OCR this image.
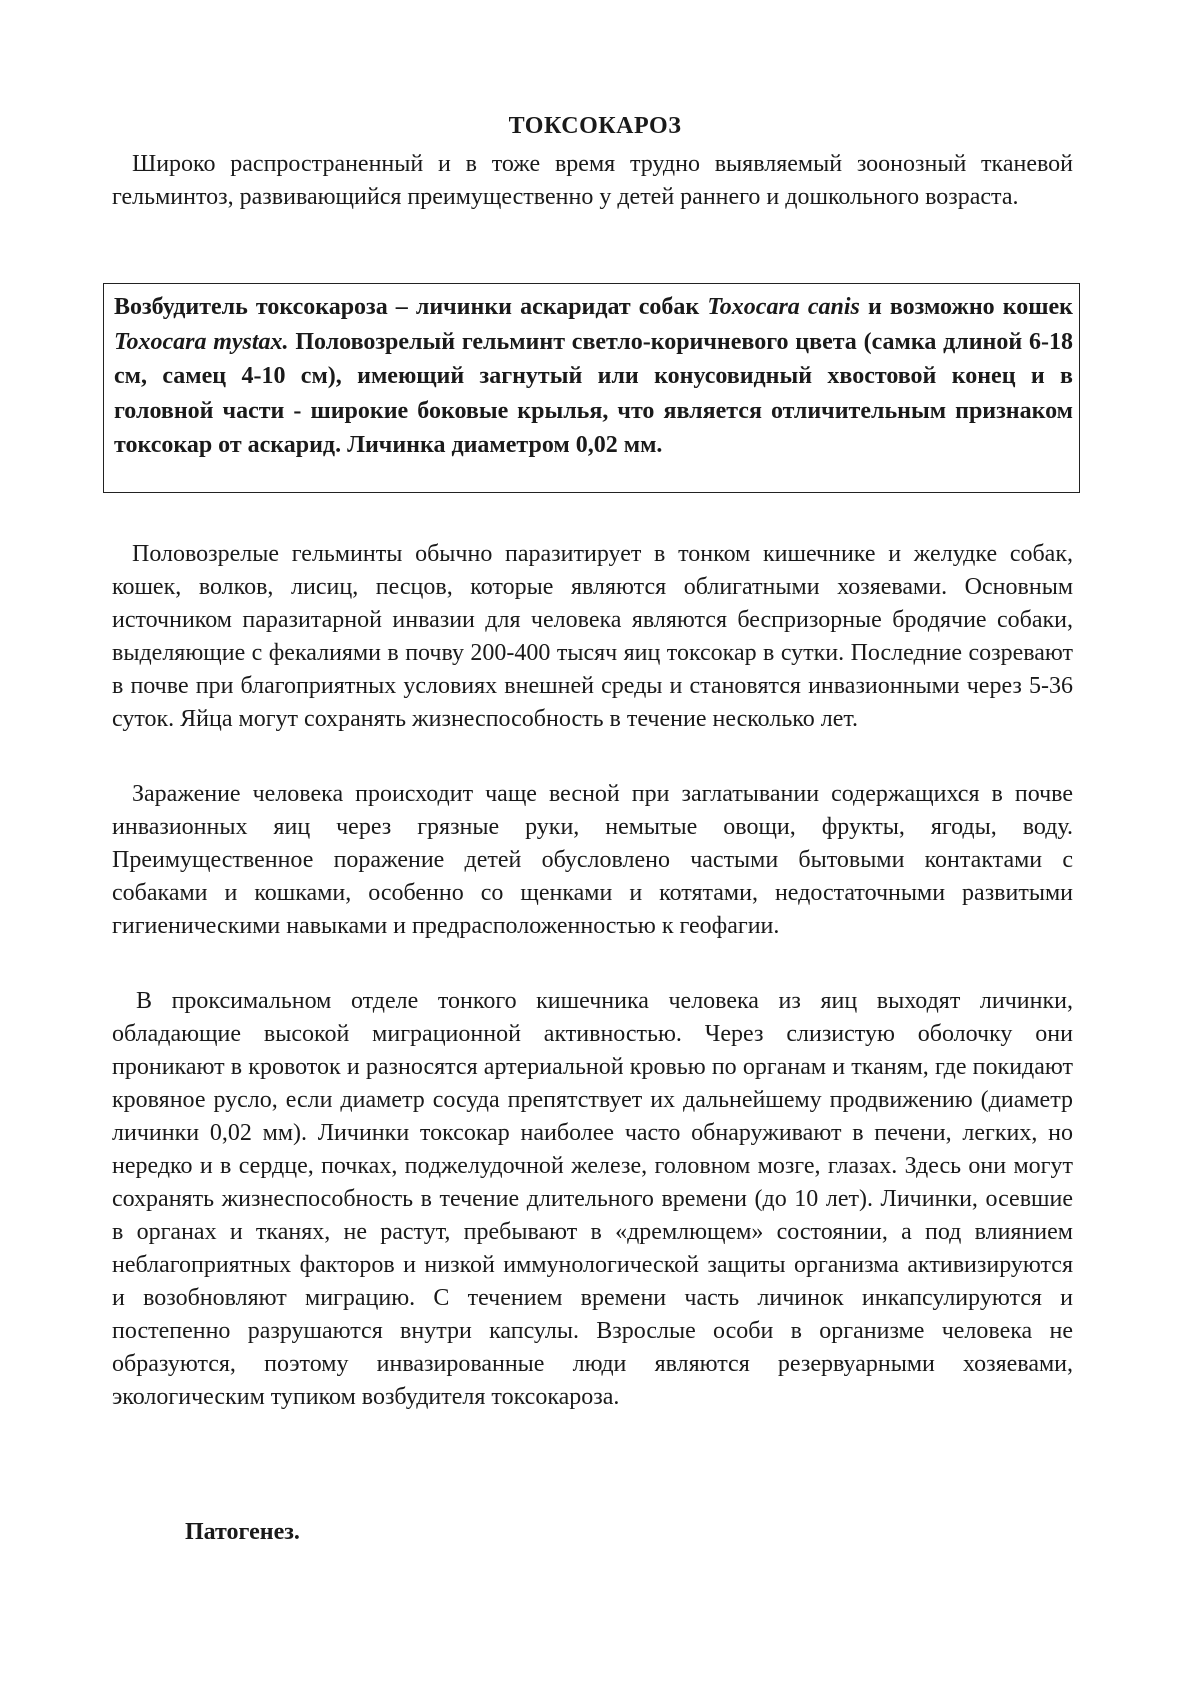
ТОКСОКАРОЗ

Широко распространенный и в тоже время трудно выявляемый зоонозный тканевой гельминтоз, развивающийся преимущественно у детей раннего и дошкольного возраста.

Возбудитель токсокароза – личинки аскаридат собак Toxocara canis и возможно кошек Toxocara mystax. Половозрелый гельминт светло-коричневого цвета (самка длиной 6-18 см, самец 4-10 см), имеющий загнутый или конусовидный хвостовой конец и в головной части - широкие боковые крылья, что является отличительным признаком токсокар от аскарид. Личинка диаметром 0,02 мм.

Половозрелые гельминты обычно паразитирует в тонком кишечнике и желудке собак, кошек, волков, лисиц, песцов, которые являются облигатными хозяевами. Основным источником паразитарной инвазии для человека являются беспризорные бродячие собаки, выделяющие с фекалиями в почву 200-400 тысяч яиц токсокар в сутки. Последние созревают в почве при благоприятных условиях внешней среды и становятся инвазионными через 5-36 суток. Яйца могут сохранять жизнеспособность в течение несколько лет.

Заражение человека происходит чаще весной при заглатывании содержащихся в почве инвазионных яиц через грязные руки, немытые овощи, фрукты, ягоды, воду. Преимущественное поражение детей обусловлено частыми бытовыми контактами с собаками и кошками, особенно со щенками и котятами, недостаточными развитыми гигиеническими навыками и предрасположенностью к геофагии.

В проксимальном отделе тонкого кишечника человека из яиц выходят личинки, обладающие высокой миграционной активностью. Через слизистую оболочку они проникают в кровоток и разносятся артериальной кровью по органам и тканям, где покидают кровяное русло, если диаметр сосуда препятствует их дальнейшему продвижению (диаметр личинки 0,02 мм). Личинки токсокар наиболее часто обнаруживают в печени, легких, но нередко и в сердце, почках, поджелудочной железе, головном мозге, глазах. Здесь они могут сохранять жизнеспособность в течение длительного времени (до 10 лет). Личинки, осевшие в органах и тканях, не растут, пребывают в «дремлющем» состоянии, а под влиянием неблагоприятных факторов и низкой иммунологической защиты организма активизируются и возобновляют миграцию. С течением времени часть личинок инкапсулируются и постепенно разрушаются внутри капсулы. Взрослые особи в организме человека не образуются, поэтому инвазированные люди являются резервуарными хозяевами, экологическим тупиком возбудителя токсокароза.

Патогенез.
